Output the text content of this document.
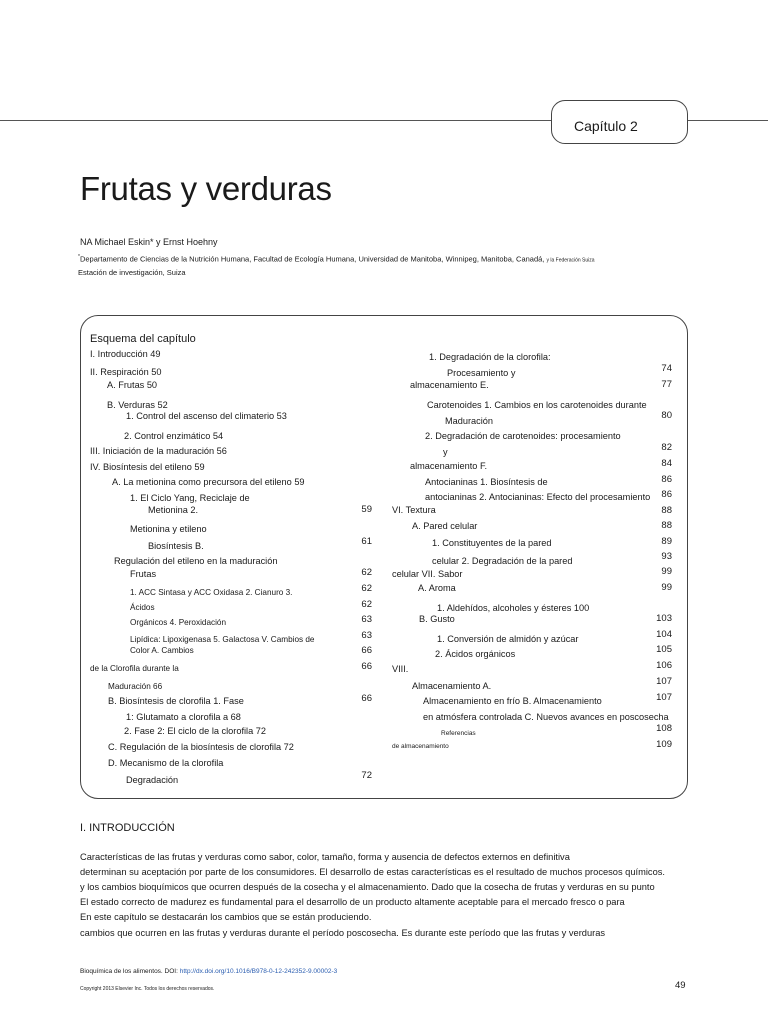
Capítulo 2
Frutas y verduras
NA Michael Eskin* y Ernst Hoehny
*Departamento de Ciencias de la Nutrición Humana, Facultad de Ecología Humana, Universidad de Manitoba, Winnipeg, Manitoba, Canadá, y la Federación Suiza
Estación de investigación, Suiza
Esquema del capítulo
I. Introducción 49
II. Respiración 50
A. Frutas 50
B. Verduras 52
1. Control del ascenso del climaterio 53
2. Control enzimático 54
III. Iniciación de la maduración 56
IV. Biosíntesis del etileno 59
A. La metionina como precursora del etileno 59
1. El Ciclo Yang, Reciclaje de
Metionina 2.
Metionina y etileno
Biosíntesis B.
Regulación del etileno en la maduración
Frutas
1. ACC Sintasa y ACC Oxidasa 2. Cianuro 3.
Ácidos
Orgánicos 4. Peroxidación
Lipídica: Lipoxigenasa 5. Galactosa V. Cambios de
Color A. Cambios
de la Clorofila durante la
Maduración 66
B. Biosíntesis de clorofila 1. Fase
1: Glutamato a clorofila a 68
2. Fase 2: El ciclo de la clorofila 72
C. Regulación de la biosíntesis de clorofila 72
D. Mecanismo de la clorofila
Degradación
59
61
62
62
62
63
63
66
66
66
72
1. Degradación de la clorofila:
Procesamiento y
almacenamiento E.
Carotenoides 1. Cambios en los carotenoides durante
Maduración
2. Degradación de carotenoides: procesamiento
y
almacenamiento F.
Antocianinas 1. Biosíntesis de
antocianinas 2. Antocianinas: Efecto del procesamiento
VI. Textura
A. Pared celular
1. Constituyentes de la pared
celular 2. Degradación de la pared
celular VII. Sabor
A. Aroma
1. Aldehídos, alcoholes y ésteres 100
B. Gusto
1. Conversión de almidón y azúcar
2. Ácidos orgánicos
VIII.
Almacenamiento A.
Almacenamiento en frío B. Almacenamiento
en atmósfera controlada C. Nuevos avances en poscosecha
Referencias
de almacenamiento
74
77
80
82
84
86
86
88
88
89
93
99
99
103
104
105
106
107
107
108
109
I. INTRODUCCIÓN
Características de las frutas y verduras como sabor, color, tamaño, forma y ausencia de defectos externos en definitiva
determinan su aceptación por parte de los consumidores. El desarrollo de estas características es el resultado de muchos procesos químicos.
y los cambios bioquímicos que ocurren después de la cosecha y el almacenamiento. Dado que la cosecha de frutas y verduras en su punto
El estado correcto de madurez es fundamental para el desarrollo de un producto altamente aceptable para el mercado fresco o para
En este capítulo se destacarán los cambios que se están produciendo.
cambios que ocurren en las frutas y verduras durante el período poscosecha. Es durante este período que las frutas y verduras
Bioquímica de los alimentos. DOI: http://dx.doi.org/10.1016/B978-0-12-242352-9.00002-3
Copyright 2013 Elsevier Inc. Todos los derechos reservados.	49
